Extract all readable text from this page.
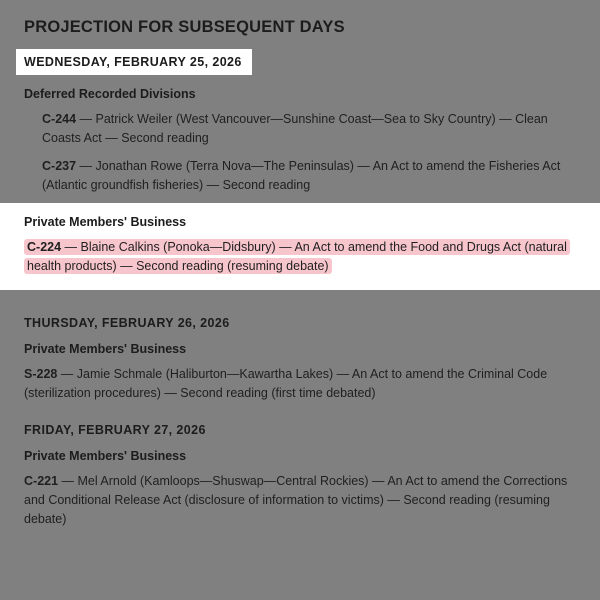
PROJECTION FOR SUBSEQUENT DAYS
WEDNESDAY, FEBRUARY 25, 2026
Deferred Recorded Divisions
C-244 — Patrick Weiler (West Vancouver—Sunshine Coast—Sea to Sky Country) — Clean Coasts Act — Second reading
C-237 — Jonathan Rowe (Terra Nova—The Peninsulas) — An Act to amend the Fisheries Act (Atlantic groundfish fisheries) — Second reading
Private Members' Business
C-224 — Blaine Calkins (Ponoka—Didsbury) — An Act to amend the Food and Drugs Act (natural health products) — Second reading (resuming debate)
THURSDAY, FEBRUARY 26, 2026
Private Members' Business
S-228 — Jamie Schmale (Haliburton—Kawartha Lakes) — An Act to amend the Criminal Code (sterilization procedures) — Second reading (first time debated)
FRIDAY, FEBRUARY 27, 2026
Private Members' Business
C-221 — Mel Arnold (Kamloops—Shuswap—Central Rockies) — An Act to amend the Corrections and Conditional Release Act (disclosure of information to victims) — Second reading (resuming debate)
